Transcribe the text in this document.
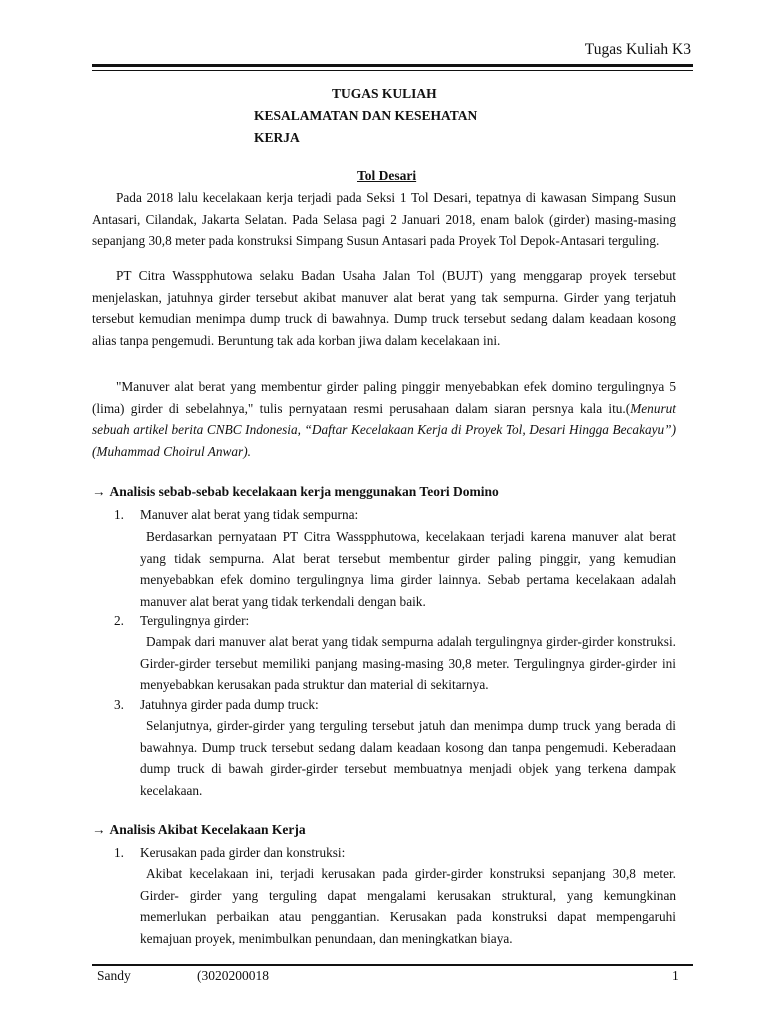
Tugas Kuliah K3
TUGAS KULIAH
KESALAMATAN DAN KESEHATAN
KERJA
Tol Desari

Pada 2018 lalu kecelakaan kerja terjadi pada Seksi 1 Tol Desari, tepatnya di kawasan Simpang Susun Antasari, Cilandak, Jakarta Selatan. Pada Selasa pagi 2 Januari 2018, enam balok (girder) masing-masing sepanjang 30,8 meter pada konstruksi Simpang Susun Antasari pada Proyek Tol Depok-Antasari terguling.

PT Citra Wasspphutowa selaku Badan Usaha Jalan Tol (BUJT) yang menggarap proyek tersebut menjelaskan, jatuhnya girder tersebut akibat manuver alat berat yang tak sempurna. Girder yang terjatuh tersebut kemudian menimpa dump truck di bawahnya. Dump truck tersebut sedang dalam keadaan kosong alias tanpa pengemudi. Beruntung tak ada korban jiwa dalam kecelakaan ini.

"Manuver alat berat yang membentur girder paling pinggir menyebabkan efek domino tergulingnya 5 (lima) girder di sebelahnya," tulis pernyataan resmi perusahaan dalam siaran persnya kala itu.(Menurut sebuah artikel berita CNBC Indonesia, “Daftar Kecelakaan Kerja di Proyek Tol, Desari Hingga Becakayu”) (Muhammad Choirul Anwar).

→ Analisis sebab-sebab kecelakaan kerja menggunakan Teori Domino
1. Manuver alat berat yang tidak sempurna:

Berdasarkan pernyataan PT Citra Wasspphutowa, kecelakaan terjadi karena manuver alat berat yang tidak sempurna. Alat berat tersebut membentur girder paling pinggir, yang kemudian menyebabkan efek domino tergulingnya lima girder lainnya. Sebab pertama kecelakaan adalah manuver alat berat yang tidak terkendali dengan baik.

2. Tergulingnya girder:

Dampak dari manuver alat berat yang tidak sempurna adalah tergulingnya girder-girder konstruksi. Girder-girder tersebut memiliki panjang masing-masing 30,8 meter. Tergulingnya girder-girder ini menyebabkan kerusakan pada struktur dan material di sekitarnya.

3. Jatuhnya girder pada dump truck:

Selanjutnya, girder-girder yang terguling tersebut jatuh dan menimpa dump truck yang berada di bawahnya. Dump truck tersebut sedang dalam keadaan kosong dan tanpa pengemudi. Keberadaan dump truck di bawah girder-girder tersebut membuatnya menjadi objek yang terkena dampak kecelakaan.

→ Analisis Akibat Kecelakaan Kerja
1. Kerusakan pada girder dan konstruksi:

Akibat kecelakaan ini, terjadi kerusakan pada girder-girder konstruksi sepanjang 30,8 meter. Girder- girder yang terguling dapat mengalami kerusakan struktural, yang kemungkinan memerlukan perbaikan atau penggantian. Kerusakan pada konstruksi dapat mempengaruhi kemajuan proyek, menimbulkan penundaan, dan meningkatkan biaya.

Sandy	(3020200018	1
